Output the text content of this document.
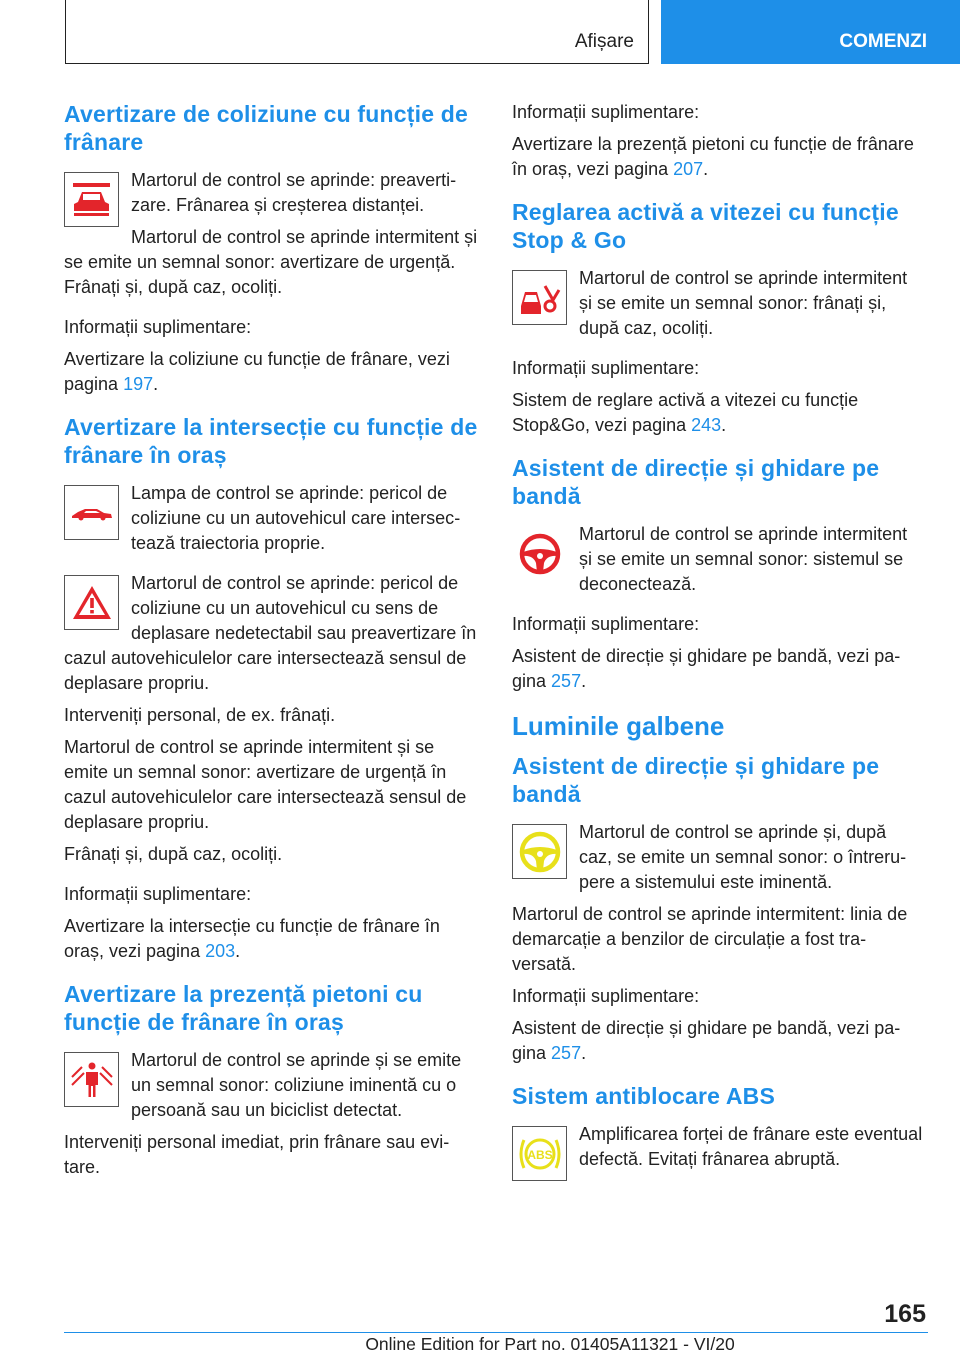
Afișare	COMENZI
Avertizare de coliziune cu funcție de frânare

Martorul de control se aprinde: preavertizare. Frânarea și creșterea distanței.

Martorul de control se aprinde intermitent și se emite un semnal sonor: avertizare de urgență. Frânați și, după caz, ocoliți.

Informații suplimentare:

Avertizare la coliziune cu funcție de frânare, vezi pagina 197.

Avertizare la intersecție cu funcție de frânare în oraș

Lampa de control se aprinde: pericol de coliziune cu un autovehicul care intersectează traiectoria proprie.

Martorul de control se aprinde: pericol de coliziune cu un autovehicul cu sens de deplasare nedetectabil sau preavertizare în cazul autovehiculelor care intersectează sensul de deplasare propriu.

Interveniți personal, de ex. frânați.

Martorul de control se aprinde intermitent și se emite un semnal sonor: avertizare de urgență în cazul autovehiculelor care intersectează sensul de deplasare propriu.

Frânați și, după caz, ocoliți.

Informații suplimentare:

Avertizare la intersecție cu funcție de frânare în oraș, vezi pagina 203.

Avertizare la prezență pietoni cu funcție de frânare în oraș

Martorul de control se aprinde și se emite un semnal sonor: coliziune iminentă cu o persoană sau un biciclist detectat.

Interveniți personal imediat, prin frânare sau evitare.

Informații suplimentare:

Avertizare la prezență pietoni cu funcție de frânare în oraș, vezi pagina 207.

Reglarea activă a vitezei cu funcție Stop & Go

Martorul de control se aprinde intermitent și se emite un semnal sonor: frânați și, după caz, ocoliți.

Informații suplimentare:

Sistem de reglare activă a vitezei cu funcție Stop&Go, vezi pagina 243.

Asistent de direcție și ghidare pe bandă

Martorul de control se aprinde intermitent și se emite un semnal sonor: sistemul se deconectează.

Informații suplimentare:

Asistent de direcție și ghidare pe bandă, vezi pagina 257.

Luminile galbene
Asistent de direcție și ghidare pe bandă

Martorul de control se aprinde și, după caz, se emite un semnal sonor: o întrerupere a sistemului este iminentă.

Martorul de control se aprinde intermitent: linia de demarcație a benzilor de circulație a fost traversată.

Informații suplimentare:

Asistent de direcție și ghidare pe bandă, vezi pagina 257.

Sistem antiblocare ABS
ABS

Amplificarea forței de frânare este eventual defectă. Evitați frânarea abruptă.

165
Online Edition for Part no. 01405A11321 - VI/20
